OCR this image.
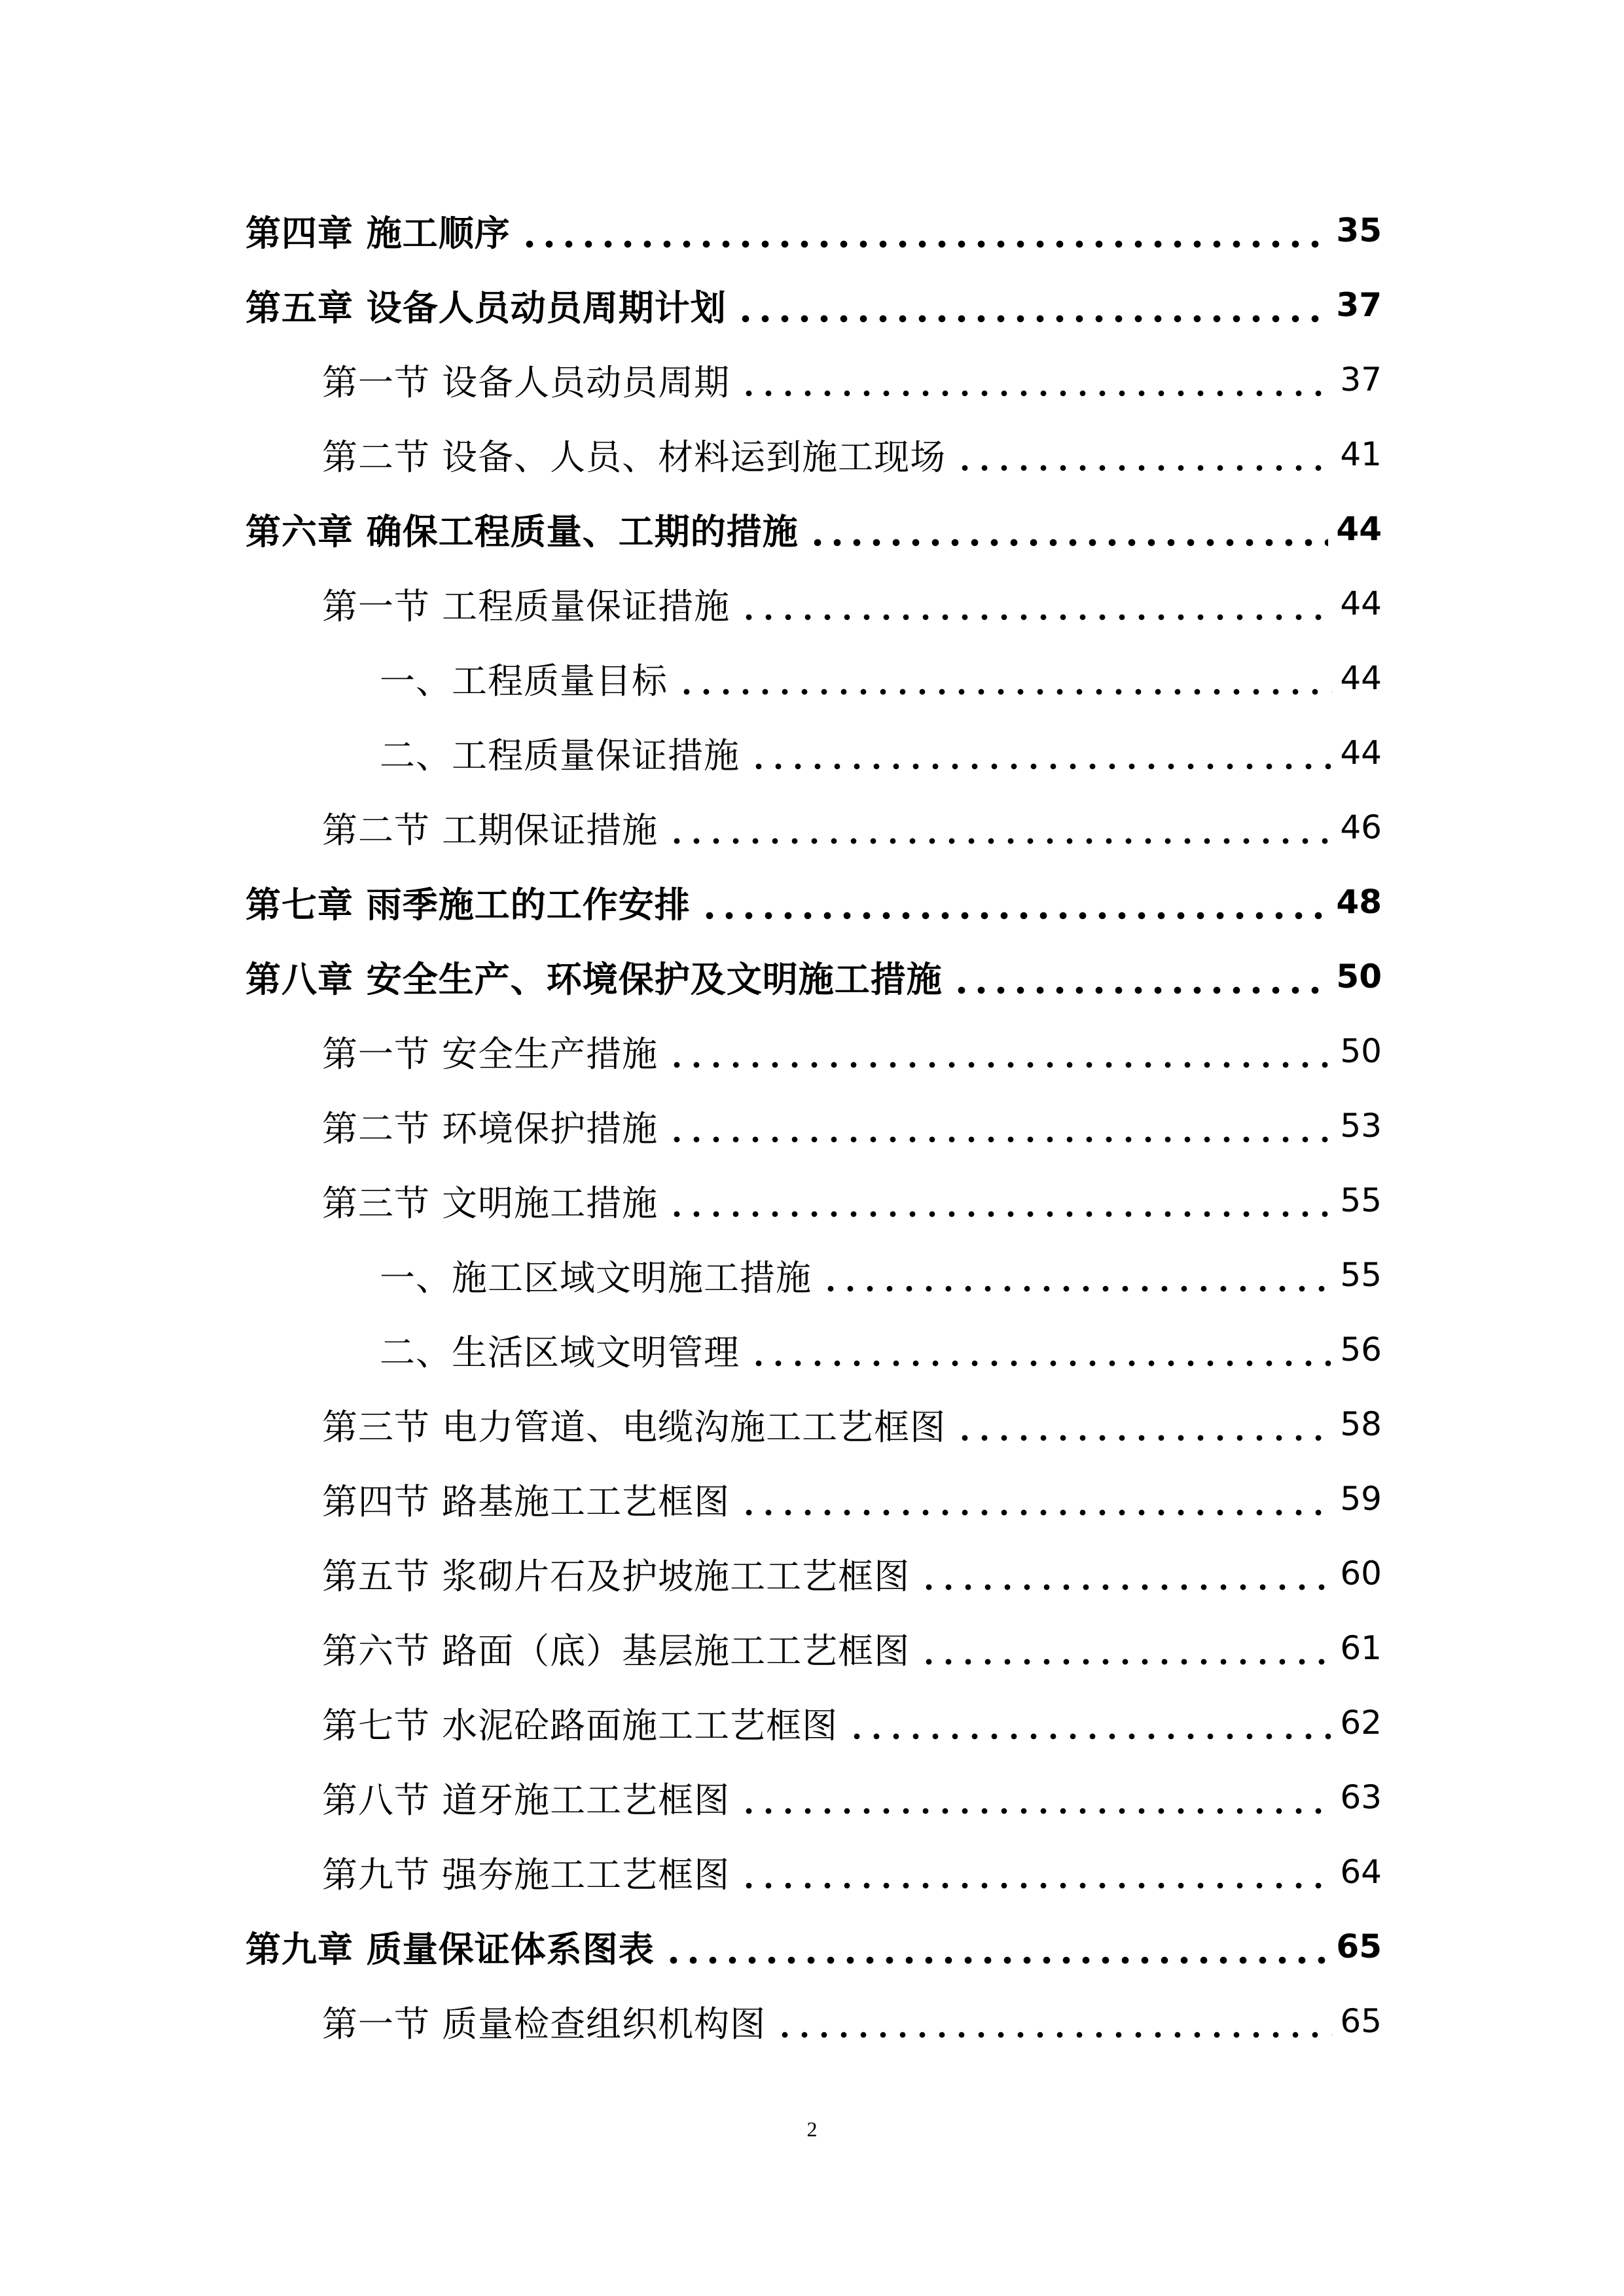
第四章 施工顺序	35
第五章 设备人员动员周期计划	37
第一节 设备人员动员周期	37
第二节 设备、人员、材料运到施工现场	41
第六章 确保工程质量、工期的措施	44
第一节 工程质量保证措施	44
一、工程质量目标	44
二、工程质量保证措施	44
第二节 工期保证措施	46
第七章 雨季施工的工作安排	48
第八章 安全生产、环境保护及文明施工措施	50
第一节 安全生产措施	50
第二节 环境保护措施	53
第三节 文明施工措施	55
一、施工区域文明施工措施	55
二、生活区域文明管理	56
第三节 电力管道、电缆沟施工工艺框图	58
第四节 路基施工工艺框图	59
第五节 浆砌片石及护坡施工工艺框图	60
第六节 路面（底）基层施工工艺框图	61
第七节 水泥砼路面施工工艺框图	62
第八节 道牙施工工艺框图	63
第九节 强夯施工工艺框图	64
第九章 质量保证体系图表	65
第一节 质量检查组织机构图	65
2
